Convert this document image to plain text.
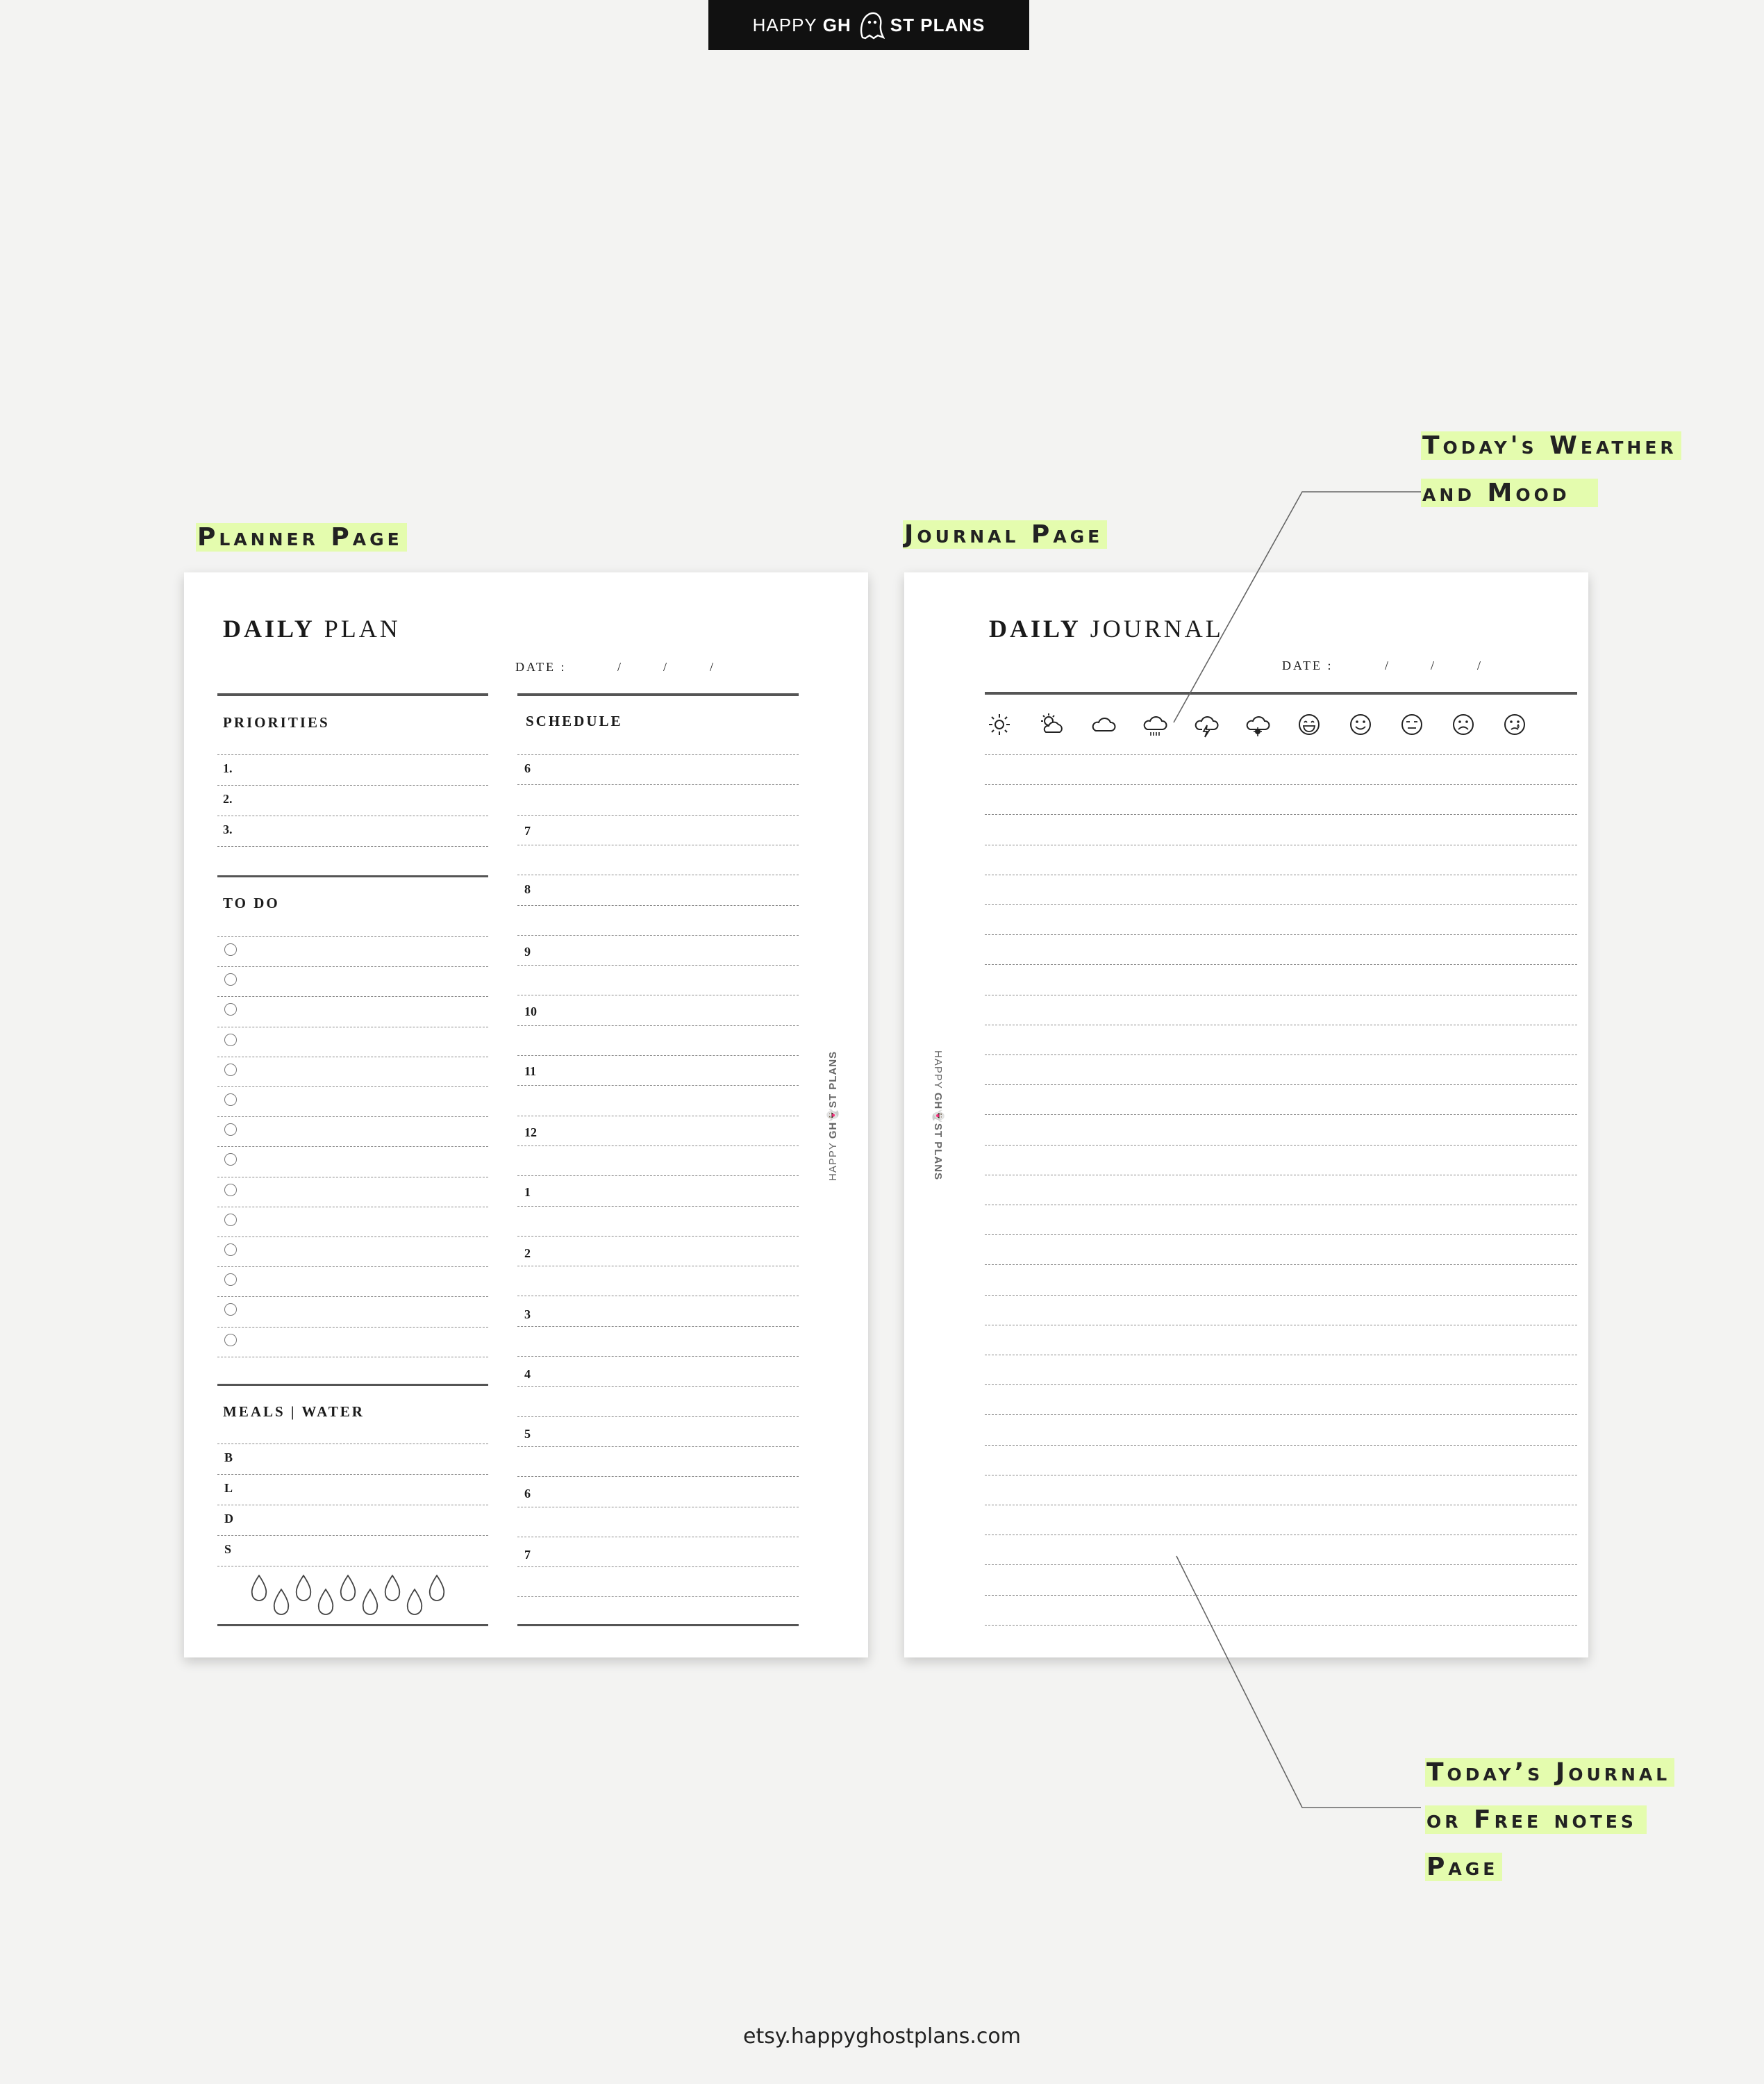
HAPPY GH ST PLANS
Planner Page	Journal Page
Today's Weather
and Mood
Today’s Journal
or Free notes
Page
DAILY PLAN
DATE :	/	/	/
PRIORITIES
1.
2.
3.
TO DO
MEALS | WATER
B
L
D
S
SCHEDULE
6
7
8
9
10
11
12
1
2
3
4
5
6
7
DAILY JOURNAL
DATE :	/	/	/
HAPPY GH👻ST PLANS	HAPPY GH👻ST PLANS
etsy.happyghostplans.com
